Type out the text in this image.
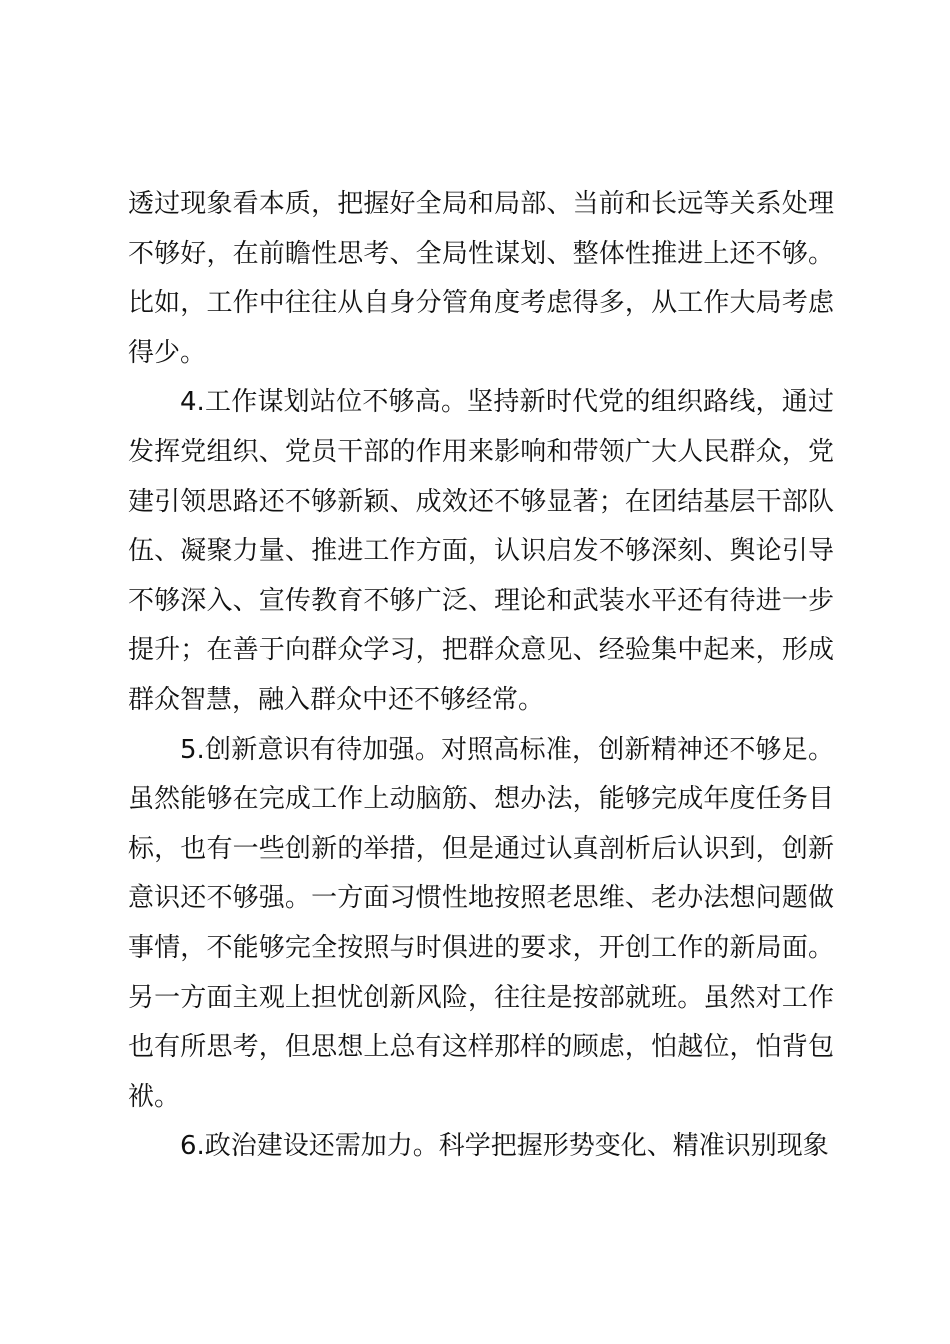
透过现象看本质，把握好全局和局部、当前和长远等关系处理不够好，在前瞻性思考、全局性谋划、整体性推进上还不够。比如，工作中往往从自身分管角度考虑得多，从工作大局考虑得少。

4.工作谋划站位不够高。坚持新时代党的组织路线，通过发挥党组织、党员干部的作用来影响和带领广大人民群众，党建引领思路还不够新颖、成效还不够显著；在团结基层干部队伍、凝聚力量、推进工作方面，认识启发不够深刻、舆论引导不够深入、宣传教育不够广泛、理论和武装水平还有待进一步提升；在善于向群众学习，把群众意见、经验集中起来，形成群众智慧，融入群众中还不够经常。

5.创新意识有待加强。对照高标准，创新精神还不够足。虽然能够在完成工作上动脑筋、想办法，能够完成年度任务目标，也有一些创新的举措，但是通过认真剖析后认识到，创新意识还不够强。一方面习惯性地按照老思维、老办法想问题做事情，不能够完全按照与时俱进的要求，开创工作的新局面。另一方面主观上担忧创新风险，往往是按部就班。虽然对工作也有所思考，但思想上总有这样那样的顾虑，怕越位，怕背包袱。

6.政治建设还需加力。科学把握形势变化、精准识别现象
